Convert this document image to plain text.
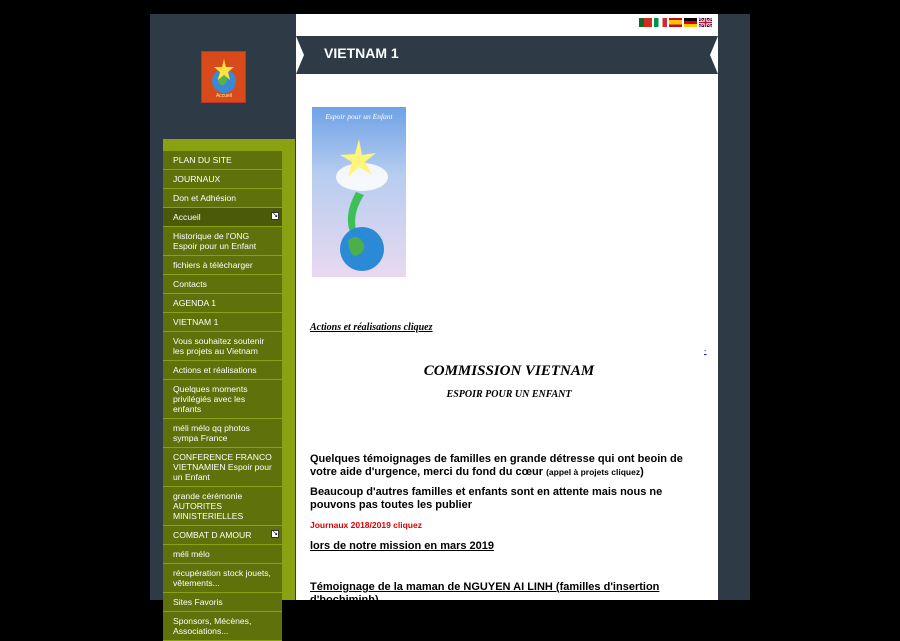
Accueil
PLAN DU SITE
JOURNAUX
Don et Adhésion
Accueil	↘
Historique de l'ONG Espoir pour un Enfant
fichiers à télécharger
Contacts
AGENDA 1
VIETNAM 1
Vous souhaitez soutenir les projets au Vietnam
Actions et réalisations
Quelques moments privilégiés avec les enfants
méli mélo qq photos sympa France
CONFERENCE FRANCO VIETNAMIEN Espoir pour un Enfant
grande cérémonie AUTORITES MINISTERIELLES
COMBAT D AMOUR	↘
méli mélo
récupération stock jouets, vêtements...
Sites Favoris
Sponsors, Mécènes, Associations...
VIETNAM 1
Espoir pour un Enfant
Actions et réalisations cliquez
-
COMMISSION VIETNAM
ESPOIR POUR UN ENFANT
Quelques témoignages de familles en grande détresse qui ont beoin de votre aide d'urgence, merci du fond du cœur (appel à projets cliquez)
Beaucoup d'autres familles et enfants sont en attente mais nous ne pouvons pas toutes les publier
Journaux 2018/2019 cliquez
lors de notre mission en mars 2019
Témoignage de la maman de NGUYEN AI LINH (familles d'insertion d'hochiminh)
